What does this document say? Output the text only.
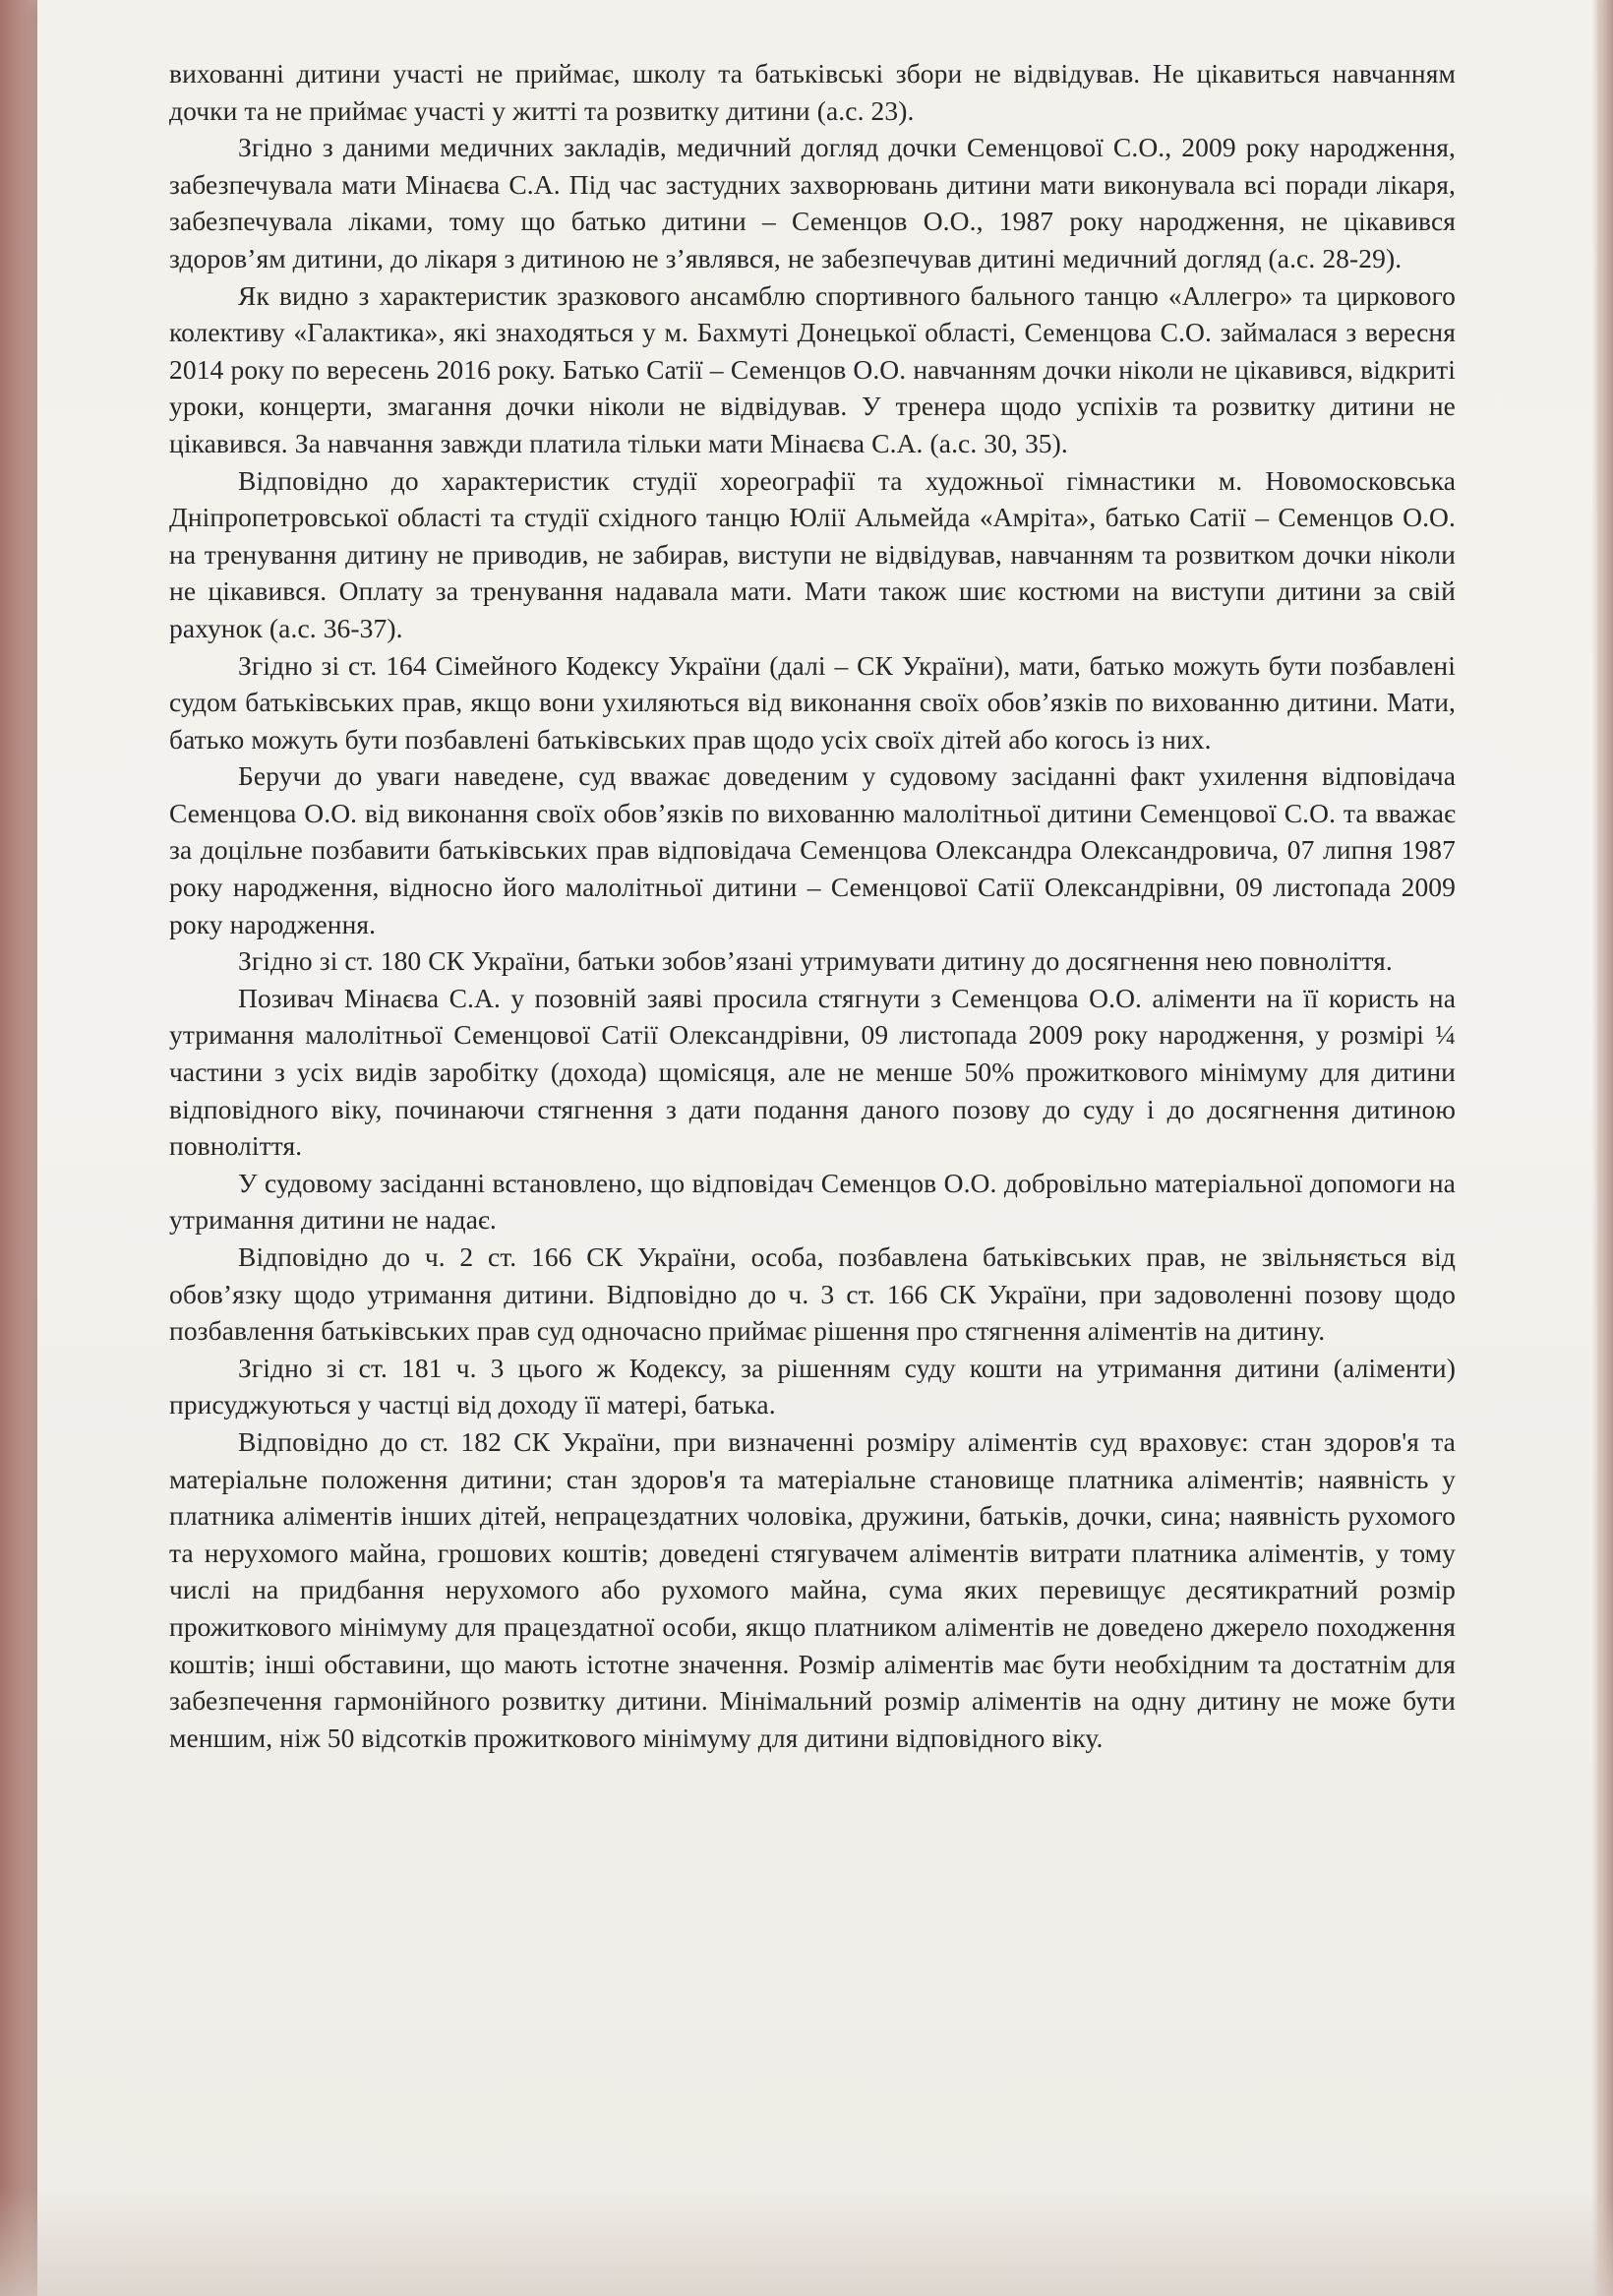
вихованні дитини участі не приймає, школу та батьківські збори не відвідував. Не цікавиться навчанням дочки та не приймає участі у житті та розвитку дитини (а.с. 23).

Згідно з даними медичних закладів, медичний догляд дочки Семенцової С.О., 2009 року народження, забезпечувала мати Мінаєва С.А. Під час застудних захворювань дитини мати виконувала всі поради лікаря, забезпечувала ліками, тому що батько дитини – Семенцов О.О., 1987 року народження, не цікавився здоров’ям дитини, до лікаря з дитиною не з’являвся, не забезпечував дитині медичний догляд (а.с. 28-29).

Як видно з характеристик зразкового ансамблю спортивного бального танцю «Аллегро» та циркового колективу «Галактика», які знаходяться у м. Бахмуті Донецької області, Семенцова С.О. займалася з вересня 2014 року по вересень 2016 року. Батько Сатії – Семенцов О.О. навчанням дочки ніколи не цікавився, відкриті уроки, концерти, змагання дочки ніколи не відвідував. У тренера щодо успіхів та розвитку дитини не цікавився. За навчання завжди платила тільки мати Мінаєва С.А. (а.с. 30, 35).

Відповідно до характеристик студії хореографії та художньої гімнастики м. Новомосковська Дніпропетровської області та студії східного танцю Юлії Альмейда «Амріта», батько Сатії – Семенцов О.О. на тренування дитину не приводив, не забирав, виступи не відвідував, навчанням та розвитком дочки ніколи не цікавився. Оплату за тренування надавала мати. Мати також шиє костюми на виступи дитини за свій рахунок (а.с. 36-37).

Згідно зі ст. 164 Сімейного Кодексу України (далі – СК України), мати, батько можуть бути позбавлені судом батьківських прав, якщо вони ухиляються від виконання своїх обов’язків по вихованню дитини. Мати, батько можуть бути позбавлені батьківських прав щодо усіх своїх дітей або когось із них.

Беручи до уваги наведене, суд вважає доведеним у судовому засіданні факт ухилення відповідача Семенцова О.О. від виконання своїх обов’язків по вихованню малолітньої дитини Семенцової С.О. та вважає за доцільне позбавити батьківських прав відповідача Семенцова Олександра Олександровича, 07 липня 1987 року народження, відносно його малолітньої дитини – Семенцової Сатії Олександрівни, 09 листопада 2009 року народження.

Згідно зі ст. 180 СК України, батьки зобов’язані утримувати дитину до досягнення нею повноліття.

Позивач Мінаєва С.А. у позовній заяві просила стягнути з Семенцова О.О. аліменти на її користь на утримання малолітньої Семенцової Сатії Олександрівни, 09 листопада 2009 року народження, у розмірі ¼ частини з усіх видів заробітку (дохода) щомісяця, але не менше 50% прожиткового мінімуму для дитини відповідного віку, починаючи стягнення з дати подання даного позову до суду і до досягнення дитиною повноліття.

У судовому засіданні встановлено, що відповідач Семенцов О.О. добровільно матеріальної допомоги на утримання дитини не надає.

Відповідно до ч. 2 ст. 166 СК України, особа, позбавлена батьківських прав, не звільняється від обов’язку щодо утримання дитини. Відповідно до ч. 3 ст. 166 СК України, при задоволенні позову щодо позбавлення батьківських прав суд одночасно приймає рішення про стягнення аліментів на дитину.

Згідно зі ст. 181 ч. 3 цього ж Кодексу, за рішенням суду кошти на утримання дитини (аліменти) присуджуються у частці від доходу її матері, батька.

Відповідно до ст. 182 СК України, при визначенні розміру аліментів суд враховує: стан здоров'я та матеріальне положення дитини; стан здоров'я та матеріальне становище платника аліментів; наявність у платника аліментів інших дітей, непрацездатних чоловіка, дружини, батьків, дочки, сина; наявність рухомого та нерухомого майна, грошових коштів; доведені стягувачем аліментів витрати платника аліментів, у тому числі на придбання нерухомого або рухомого майна, сума яких перевищує десятикратний розмір прожиткового мінімуму для працездатної особи, якщо платником аліментів не доведено джерело походження коштів; інші обставини, що мають істотне значення. Розмір аліментів має бути необхідним та достатнім для забезпечення гармонійного розвитку дитини. Мінімальний розмір аліментів на одну дитину не може бути меншим, ніж 50 відсотків прожиткового мінімуму для дитини відповідного віку.
